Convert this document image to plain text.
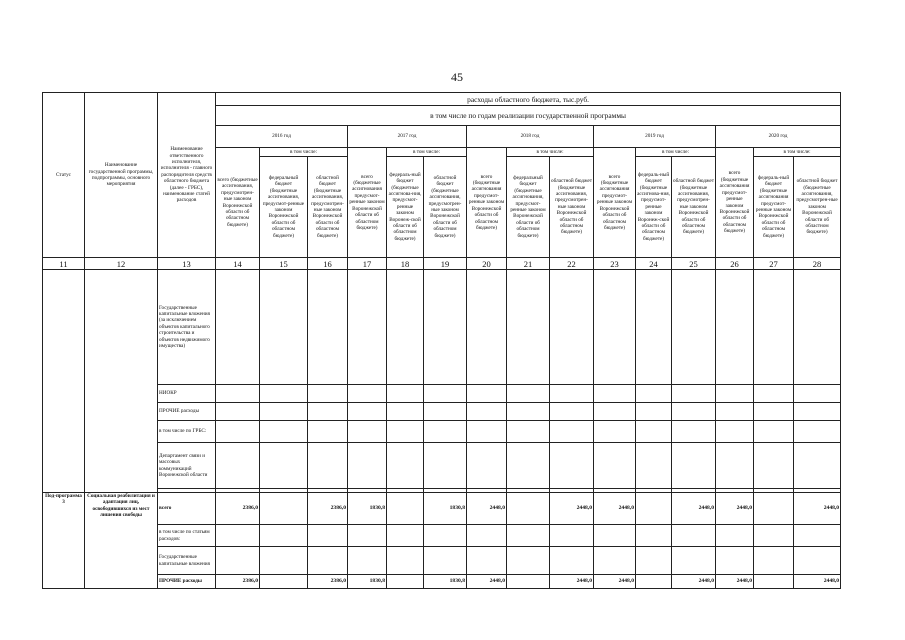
45
Статус	Наименование государственной программы, подпрограммы, основного мероприятия	Наименование ответственного исполнителя, исполнителя - главного распорядителя средств областного бюджета (далее - ГРБС), наименование статей расходов	расходы областного бюджета, тыс.руб.														
			в том числе по годам реализации государственной программы														
			2016 год			2017 год			2018 год			2019 год			2020 год		
			всего (бюджетные ассигнования, предусмотрен-ные законом Воронежской области об областном бюджете)	в том числе:		всего (бюджетные ассигнования предусмот-ренные законом Воронежской области об областном бюджете)	в том числе:		всего (бюджетные ассигнования предусмот-ренные законом Воронежской области об областном бюджете)	в том числе:		всего (бюджетные ассигнования предусмот-ренные законом Воронежской области об областном бюджете)	в том числе:		всего (бюджетные ассигнования предусмот-ренные законом Воронежской области об областном бюджете)	в том числе:	
				федеральный бюджет (бюджетные ассигнования, предусмот-ренные законом Воронежской области об областном бюджете)	областной бюджет (бюджетные ассигнования, предусмотрен-ные законом Воронежской области об областном бюджете)		федераль-ный бюджет (бюджетные ассигнова-ния, предусмот-ренные законом Воронеж-ской области об областном бюджете)	областной бюджет (бюджетные ассигнования, предусмотрен-ные законом Воронежской области об областном бюджете)		федеральный бюджет (бюджетные ассигнования, предусмот-ренные законом Воронежской области об областном бюджете)	областной бюджет (бюджетные ассигнования, предусмотрен-ные законом Воронежской области об областном бюджете)		федераль-ный бюджет (бюджетные ассигнова-ния, предусмот-ренные законом Воронеж-ской области об областном бюджете)	областной бюджет (бюджетные ассигнования, предусмотрен-ные законом Воронежской области об областном бюджете)		федераль-ный бюджет (бюджетные ассигнования предусмот-ренные законом Воронежской области об областном бюджете)	областной бюджет (бюджетные ассигнования, предусмотрен-ные законом Воронежской области об областном бюджете)
11	12	13	14	15	16	17	18	19	20	21	22	23	24	25	26	27	28
		Государственные капитальные вложения (за исключением объектов капитального строительства и объектов недвижимого имущества)															
		НИОКР															
		ПРОЧИЕ расходы															
		в том числе по ГРБС:															
		Департамент связи и массовых коммуникаций Воронежской области															

Под-программа 3	Социальная реабилитация и адаптация лиц, освободившихся из мест лишения свободы	всего	2386,0		2386,0	1830,8		1830,8	2448,0		2448,0	2448,0		2448,0	2448,0		2448,0
		в том числе по статьям расходов:															
		Государственные капитальные вложения															
		ПРОЧИЕ расходы	2386,0		2386,0	1830,8		1830,8	2448,0		2448,0	2448,0		2448,0	2448,0		2448,0
